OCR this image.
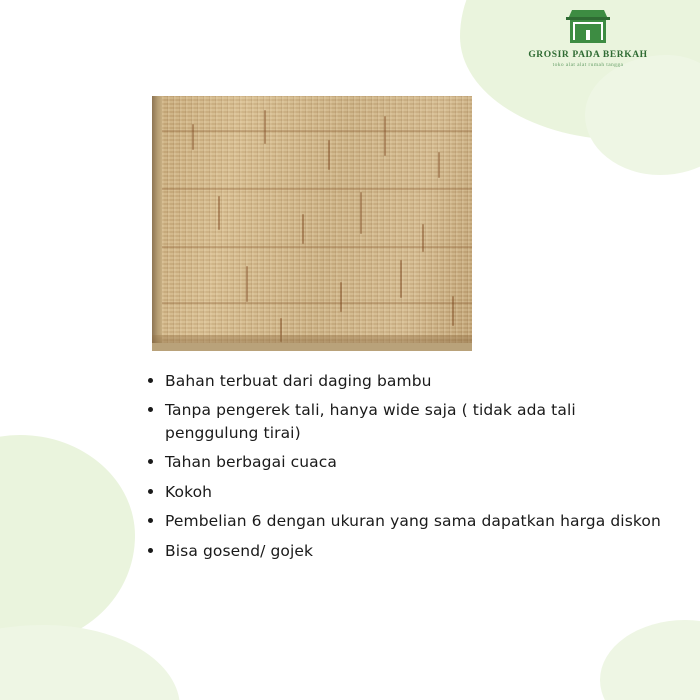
GROSIR PADA BERKAH
toko alat alat rumah tangga
Bahan terbuat dari daging bambu
Tanpa pengerek tali, hanya wide saja ( tidak ada tali penggulung tirai)
Tahan berbagai cuaca
Kokoh
Pembelian 6 dengan ukuran yang sama dapatkan harga diskon
Bisa gosend/ gojek
